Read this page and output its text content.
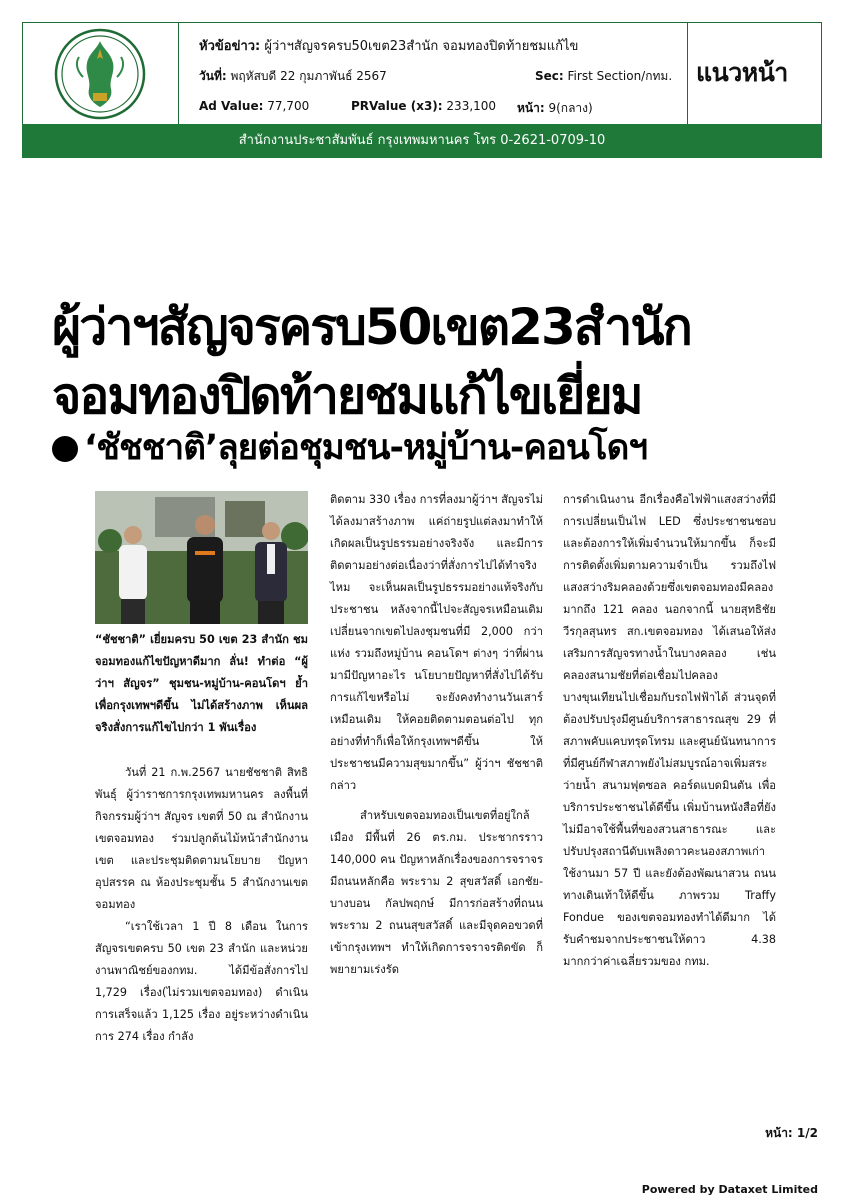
หัวข้อข่าว: ผู้ว่าฯสัญจรครบ50เขต23สำนัก จอมทองปิดท้ายชมแก้ไข
วันที่: พฤหัสบดี 22 กุมภาพันธ์ 2567	Sec: First Section/กทม.
Ad Value: 77,700	PRValue (x3): 233,100 หน้า: 9(กลาง)
แนวหน้า
สำนักงานประชาสัมพันธ์ กรุงเทพมหานคร โทร 0-2621-0709-10
ผู้ว่าฯสัญจรครบ50เขต23สำนัก
จอมทองปิดท้ายชมแก้ไขเยี่ยม
‘ชัชชาติ’ลุยต่อชุมชน-หมู่บ้าน-คอนโดฯ
“ชัชชาติ” เยี่ยมครบ 50 เขต 23 สำนัก ชมจอมทองแก้ไขปัญหาดีมาก ลั่น! ทำต่อ “ผู้ว่าฯ สัญจร” ชุมชน-หมู่บ้าน-คอนโดฯ ย้ำเพื่อกรุงเทพฯดีขึ้น ไม่ได้สร้างภาพ เห็นผลจริงสั่งการแก้ไขไปกว่า 1 พันเรื่อง

วันที่ 21 ก.พ.2567 นายชัชชาติ สิทธิพันธุ์ ผู้ว่าราชการกรุงเทพมหานคร ลงพื้นที่กิจกรรมผู้ว่าฯ สัญจร เขตที่ 50 ณ สำนักงานเขตจอมทอง ร่วมปลูกต้นไม้หน้าสำนักงานเขต และประชุมติดตามนโยบาย ปัญหาอุปสรรค ณ ห้องประชุมชั้น 5 สำนักงานเขตจอมทอง

“เราใช้เวลา 1 ปี 8 เดือน ในการสัญจรเขตครบ 50 เขต 23 สำนัก และหน่วยงานพาณิชย์ของกทม. ได้มีข้อสั่งการไป 1,729 เรื่อง(ไม่รวมเขตจอมทอง) ดำเนินการเสร็จแล้ว 1,125 เรื่อง อยู่ระหว่างดำเนินการ 274 เรื่อง กำลัง

ติดตาม 330 เรื่อง การที่ลงมาผู้ว่าฯ สัญจรไม่ได้ลงมาสร้างภาพ แค่ถ่ายรูปแต่ลงมาทำให้เกิดผลเป็นรูปธรรมอย่างจริงจัง และมีการติดตามอย่างต่อเนื่องว่าที่สั่งการไปได้ทำจริงไหม จะเห็นผลเป็นรูปธรรมอย่างแท้จริงกับประชาชน หลังจากนี้ไปจะสัญจรเหมือนเดิม เปลี่ยนจากเขตไปลงชุมชนที่มี 2,000 กว่าแห่ง รวมถึงหมู่บ้าน คอนโดฯ ต่างๆ ว่าที่ผ่านมามีปัญหาอะไร นโยบายปัญหาที่สั่งไปได้รับการแก้ไขหรือไม่ จะยังคงทำงานวันเสาร์เหมือนเดิม ให้คอยติดตามตอนต่อไป ทุกอย่างที่ทำก็เพื่อให้กรุงเทพฯดีขึ้น ให้ประชาชนมีความสุขมากขึ้น” ผู้ว่าฯ ชัชชาติ กล่าว

สำหรับเขตจอมทองเป็นเขตที่อยู่ใกล้เมือง มีพื้นที่ 26 ตร.กม. ประชากรราว 140,000 คน ปัญหาหลักเรื่องของการจราจร มีถนนหลักคือ พระราม 2 สุขสวัสดิ์ เอกชัย-บางบอน กัลปพฤกษ์ มีการก่อสร้างที่ถนนพระราม 2 ถนนสุขสวัสดิ์ และมีจุดคอขวดที่เข้ากรุงเทพฯ ทำให้เกิดการจราจรติดขัด ก็พยายามเร่งรัด

การดำเนินงาน อีกเรื่องคือไฟฟ้าแสงสว่างที่มีการเปลี่ยนเป็นไฟ LED ซึ่งประชาชนชอบและต้องการให้เพิ่มจำนวนให้มากขึ้น ก็จะมีการติดตั้งเพิ่มตามความจำเป็น รวมถึงไฟแสงสว่างริมคลองด้วยซึ่งเขตจอมทองมีคลองมากถึง 121 คลอง นอกจากนี้ นายสุทธิชัย วีรกุลสุนทร สก.เขตจอมทอง ได้เสนอให้ส่งเสริมการสัญจรทางน้ำในบางคลอง เช่น คลองสนามชัยที่ต่อเชื่อมไปคลองบางขุนเทียนไปเชื่อมกับรถไฟฟ้าได้ ส่วนจุดที่ต้องปรับปรุงมีศูนย์บริการสาธารณสุข 29 ที่สภาพคับแคบทรุดโทรม และศูนย์นันทนาการที่มีศูนย์กีฬาสภาพยังไม่สมบูรณ์อาจเพิ่มสระว่ายน้ำ สนามฟุตซอล คอร์ดแบดมินตัน เพื่อบริการประชาชนได้ดีขึ้น เพิ่มบ้านหนังสือที่ยังไม่มีอาจใช้พื้นที่ของสวนสาธารณะ และปรับปรุงสถานีดับเพลิงดาวคะนองสภาพเก่าใช้งานมา 57 ปี และยังต้องพัฒนาสวน ถนน ทางเดินเท้าให้ดีขึ้น ภาพรวม Traffy Fondue ของเขตจอมทองทำได้ดีมาก ได้รับคำชมจากประชาชนให้ดาว 4.38 มากกว่าค่าเฉลี่ยรวมของ กทม.

หน้า: 1/2
Powered by Dataxet Limited
